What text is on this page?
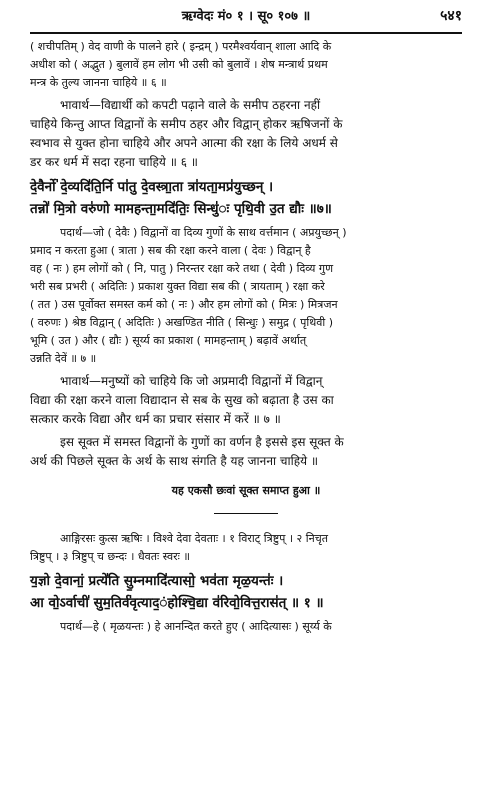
ऋग्वेदः मं० १ । सू० १०७ ॥	५४१

( शचीपतिम् ) वेद वाणी के पालने हारे ( इन्द्रम् ) परमैश्वर्यवान् शाला आदि के

अधीश को ( अद्भुत ) बुलावें हम लोग भी उसी को बुलावें । शेष मन्त्रार्थ प्रथम

मन्त्र के तुल्य जानना चाहिये ॥ ६ ॥

भावार्थ—विद्यार्थी को कपटी पढ़ाने वाले के समीप ठहरना नहीं

चाहिये किन्तु आप्त विद्वानों के समीप ठहर और विद्वान् होकर ऋषिजनों के

स्वभाव से युक्त होना चाहिये और अपने आत्मा की रक्षा के लिये अधर्म से

डर कर धर्म में सदा रहना चाहिये ॥ ६ ॥

दे॒वैर्नो॑ दे॒व्यदि॑ति॒र्नि पा॑तु दे॒वस्त्रा॒ता त्रा॑यता॒मप्र॑युच्छन् ।

तन्नो॑ मि॒त्रो वरु॑णो मामहन्ता॒मदि॑तिः॒ सिन्धु॑ः पृथि॒वी उ॒त द्यौः ॥७॥

पदार्थ—जो ( देवैः ) विद्वानों वा दिव्य गुणों के साथ वर्त्तमान ( अप्रयुच्छन् )

प्रमाद न करता हुआ ( त्राता ) सब की रक्षा करने वाला ( देवः ) विद्वान् है

वह ( नः ) हम लोगों को ( नि, पातु ) निरन्तर रक्षा करे तथा ( देवी ) दिव्य गुण

भरी सब प्रभरी ( अदितिः ) प्रकाश युक्त विद्या सब की ( त्रायताम् ) रक्षा करे

( तत ) उस पूर्वोक्त समस्त कर्म को ( नः ) और हम लोगों को ( मित्रः ) मित्रजन

( वरुणः ) श्रेष्ठ विद्वान् ( अदितिः ) अखण्डित नीति ( सिन्धुः ) समुद्र ( पृथिवी )

भूमि ( उत ) और ( द्यौः ) सूर्य्य का प्रकाश ( मामहन्ताम् ) बढ़ावें अर्थात्

उन्नति देवें ॥ ७ ॥

भावार्थ—मनुष्यों को चाहिये कि जो अप्रमादी विद्वानों में विद्वान्

विद्या की रक्षा करने वाला विद्यादान से सब के सुख को बढ़ाता है उस का

सत्कार करके विद्या और धर्म का प्रचार संसार में करें ॥ ७ ॥

इस सूक्त में समस्त विद्वानों के गुणों का वर्णन है इससे इस सूक्त के

अर्थ की पिछले सूक्त के अर्थ के साथ संगति है यह जानना चाहिये ॥

यह एकसौ छःवां सूक्त समाप्त हुआ ॥

आङ्गिरसः कुत्स ऋषिः । विश्वे देवा देवताः । १ विराट् त्रिष्टुप् । २ निचृत

त्रिष्टुप् । ३ त्रिष्टुप् च छन्दः । धैवतः स्वरः ॥

य॒ज्ञो दे॒वानां॒ प्रत्ये॑ति सु॒म्नमादि॑त्यासो॒ भव॑ता मृळ॒यन्तः॑ ।

आ वो॒ऽर्वाची॑ सुम॒तिर्व॑वृत्याद॒ंहोश्चि॒द्या व॑रिवो॒वित्त॒रास॑त् ॥ १ ॥

पदार्थ—हे ( मृळयन्तः ) हे आनन्दित करते हुए ( आदित्यासः ) सूर्य्य के
